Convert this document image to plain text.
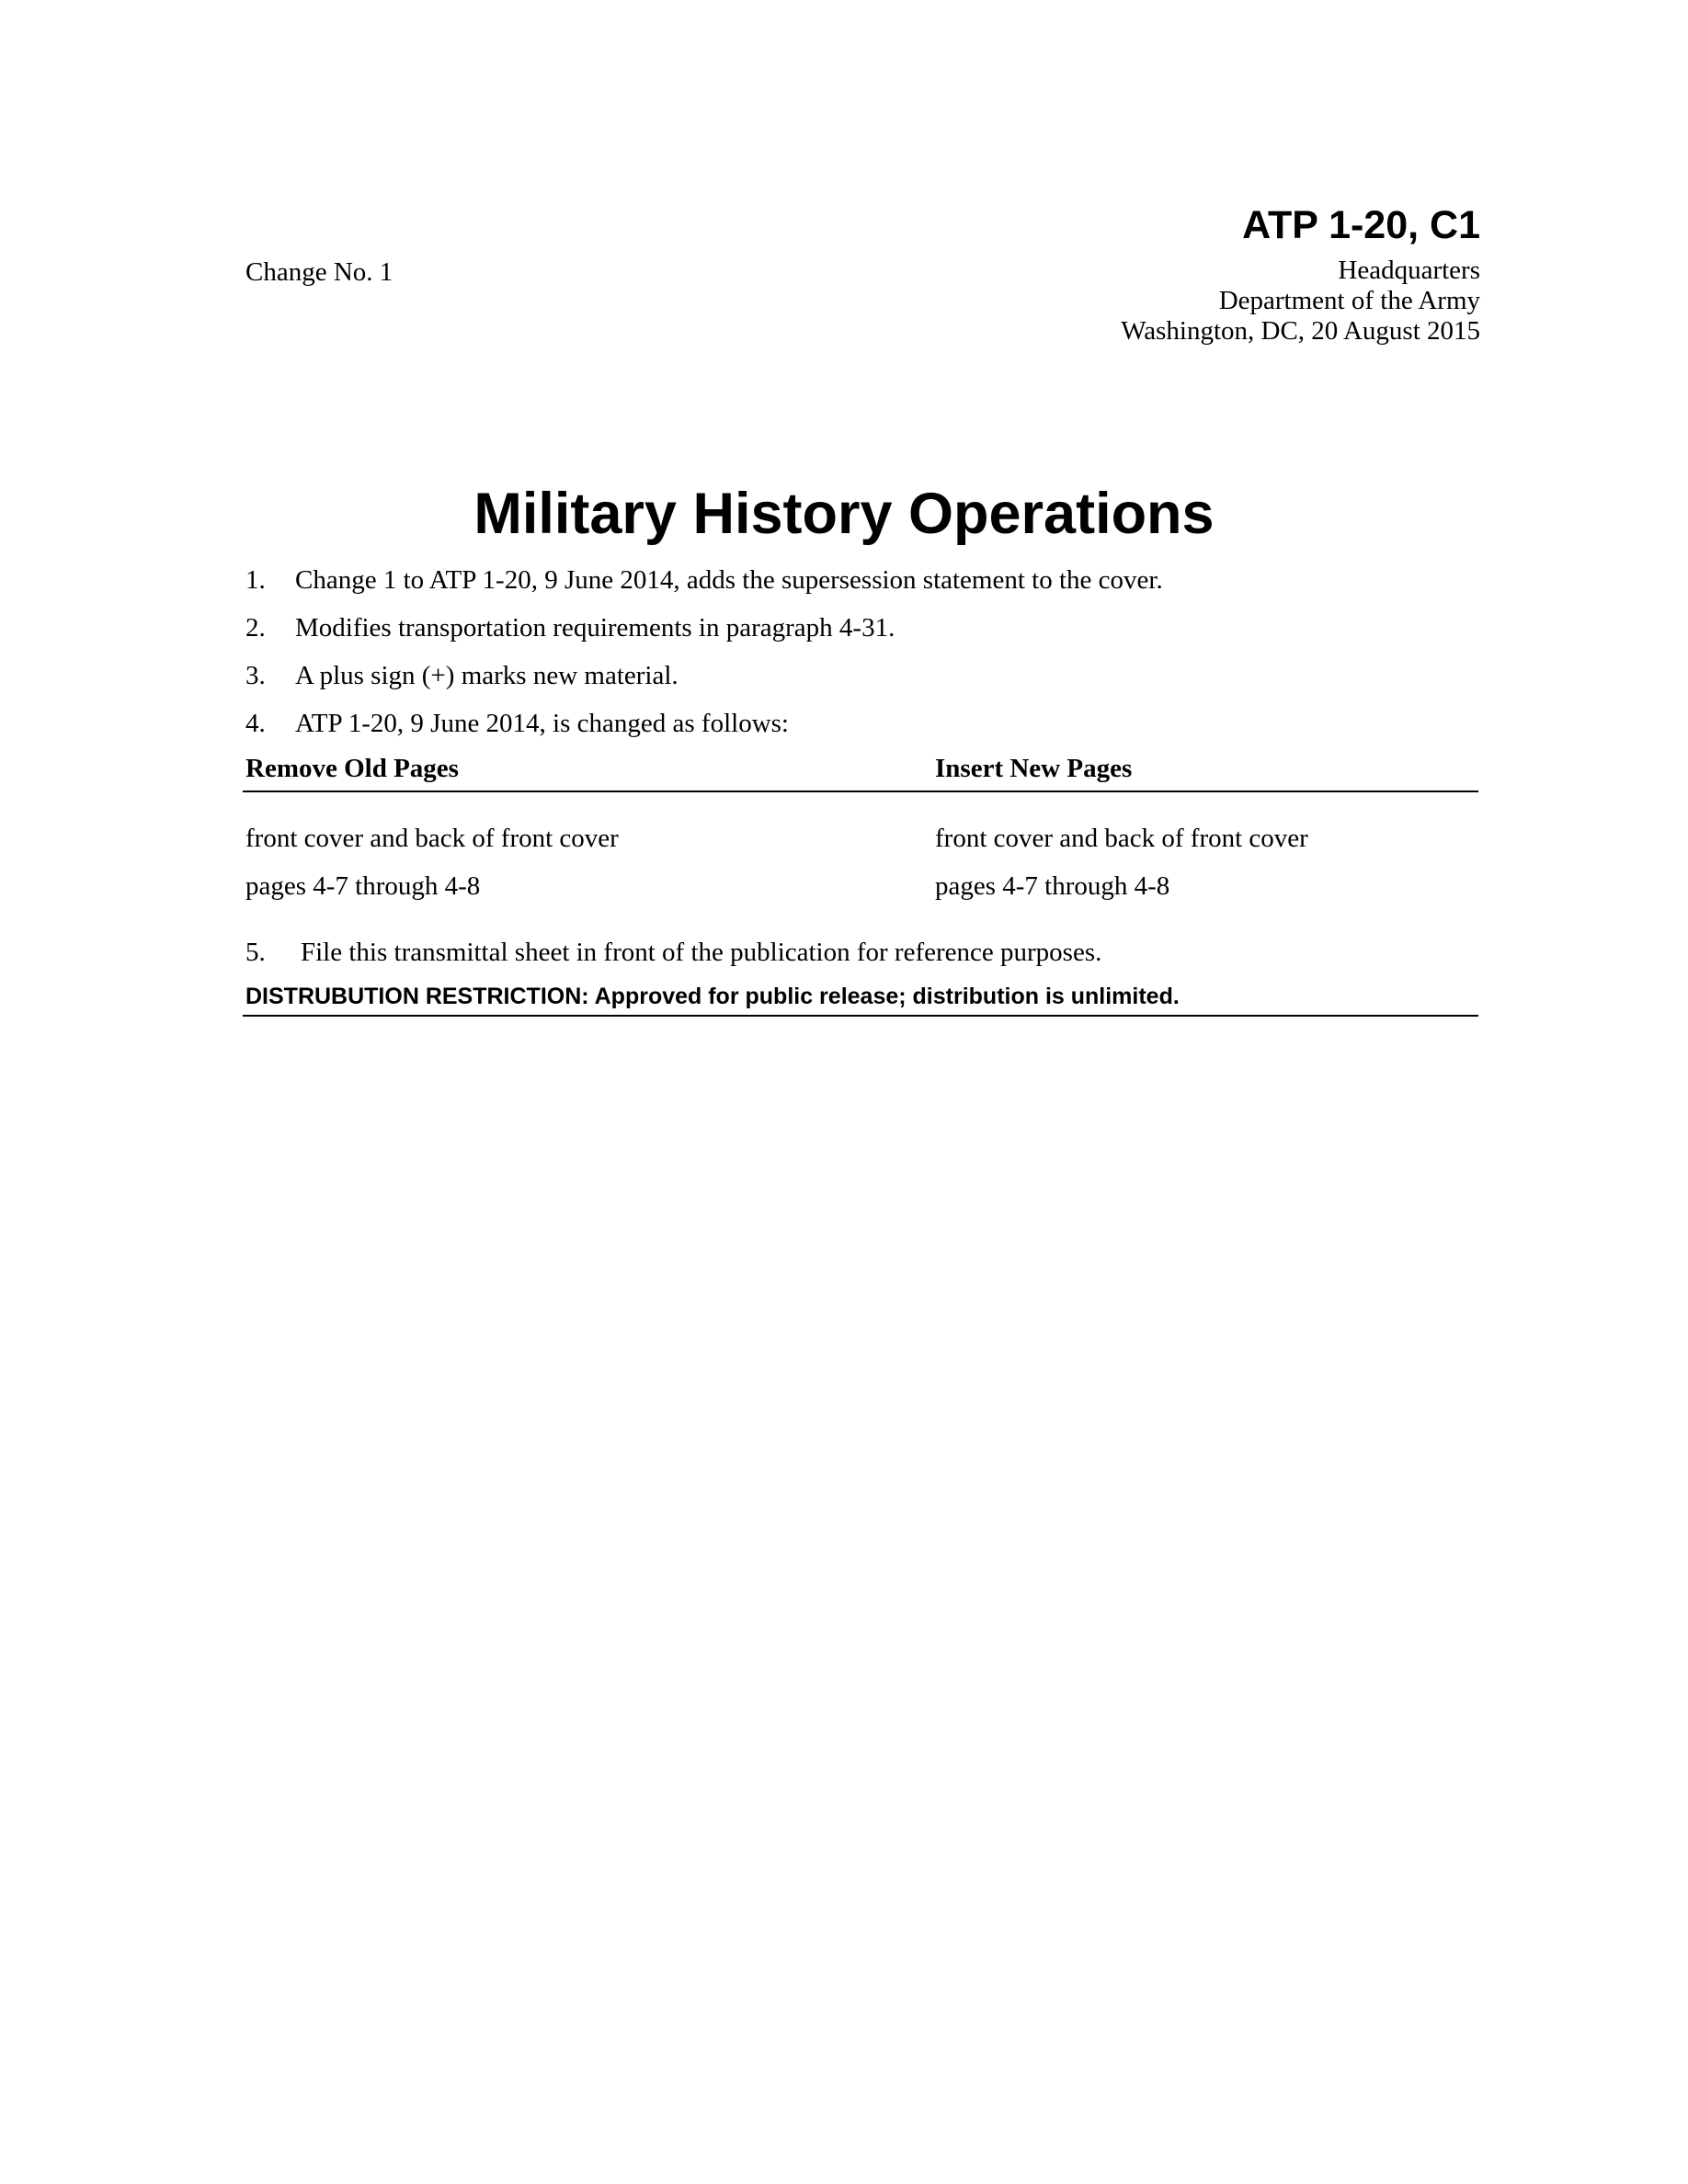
ATP 1-20, C1
Change No. 1	Headquarters
Department of the Army
Washington, DC, 20 August 2015
Military History Operations
1. Change 1 to ATP 1-20, 9 June 2014, adds the supersession statement to the cover.
2. Modifies transportation requirements in paragraph 4-31.
3. A plus sign (+) marks new material.
4. ATP 1-20, 9 June 2014, is changed as follows:
Remove Old Pages	Insert New Pages
front cover and back of front cover	front cover and back of front cover
pages 4-7 through 4-8	pages 4-7 through 4-8
5. File this transmittal sheet in front of the publication for reference purposes.
DISTRUBUTION RESTRICTION: Approved for public release; distribution is unlimited.
